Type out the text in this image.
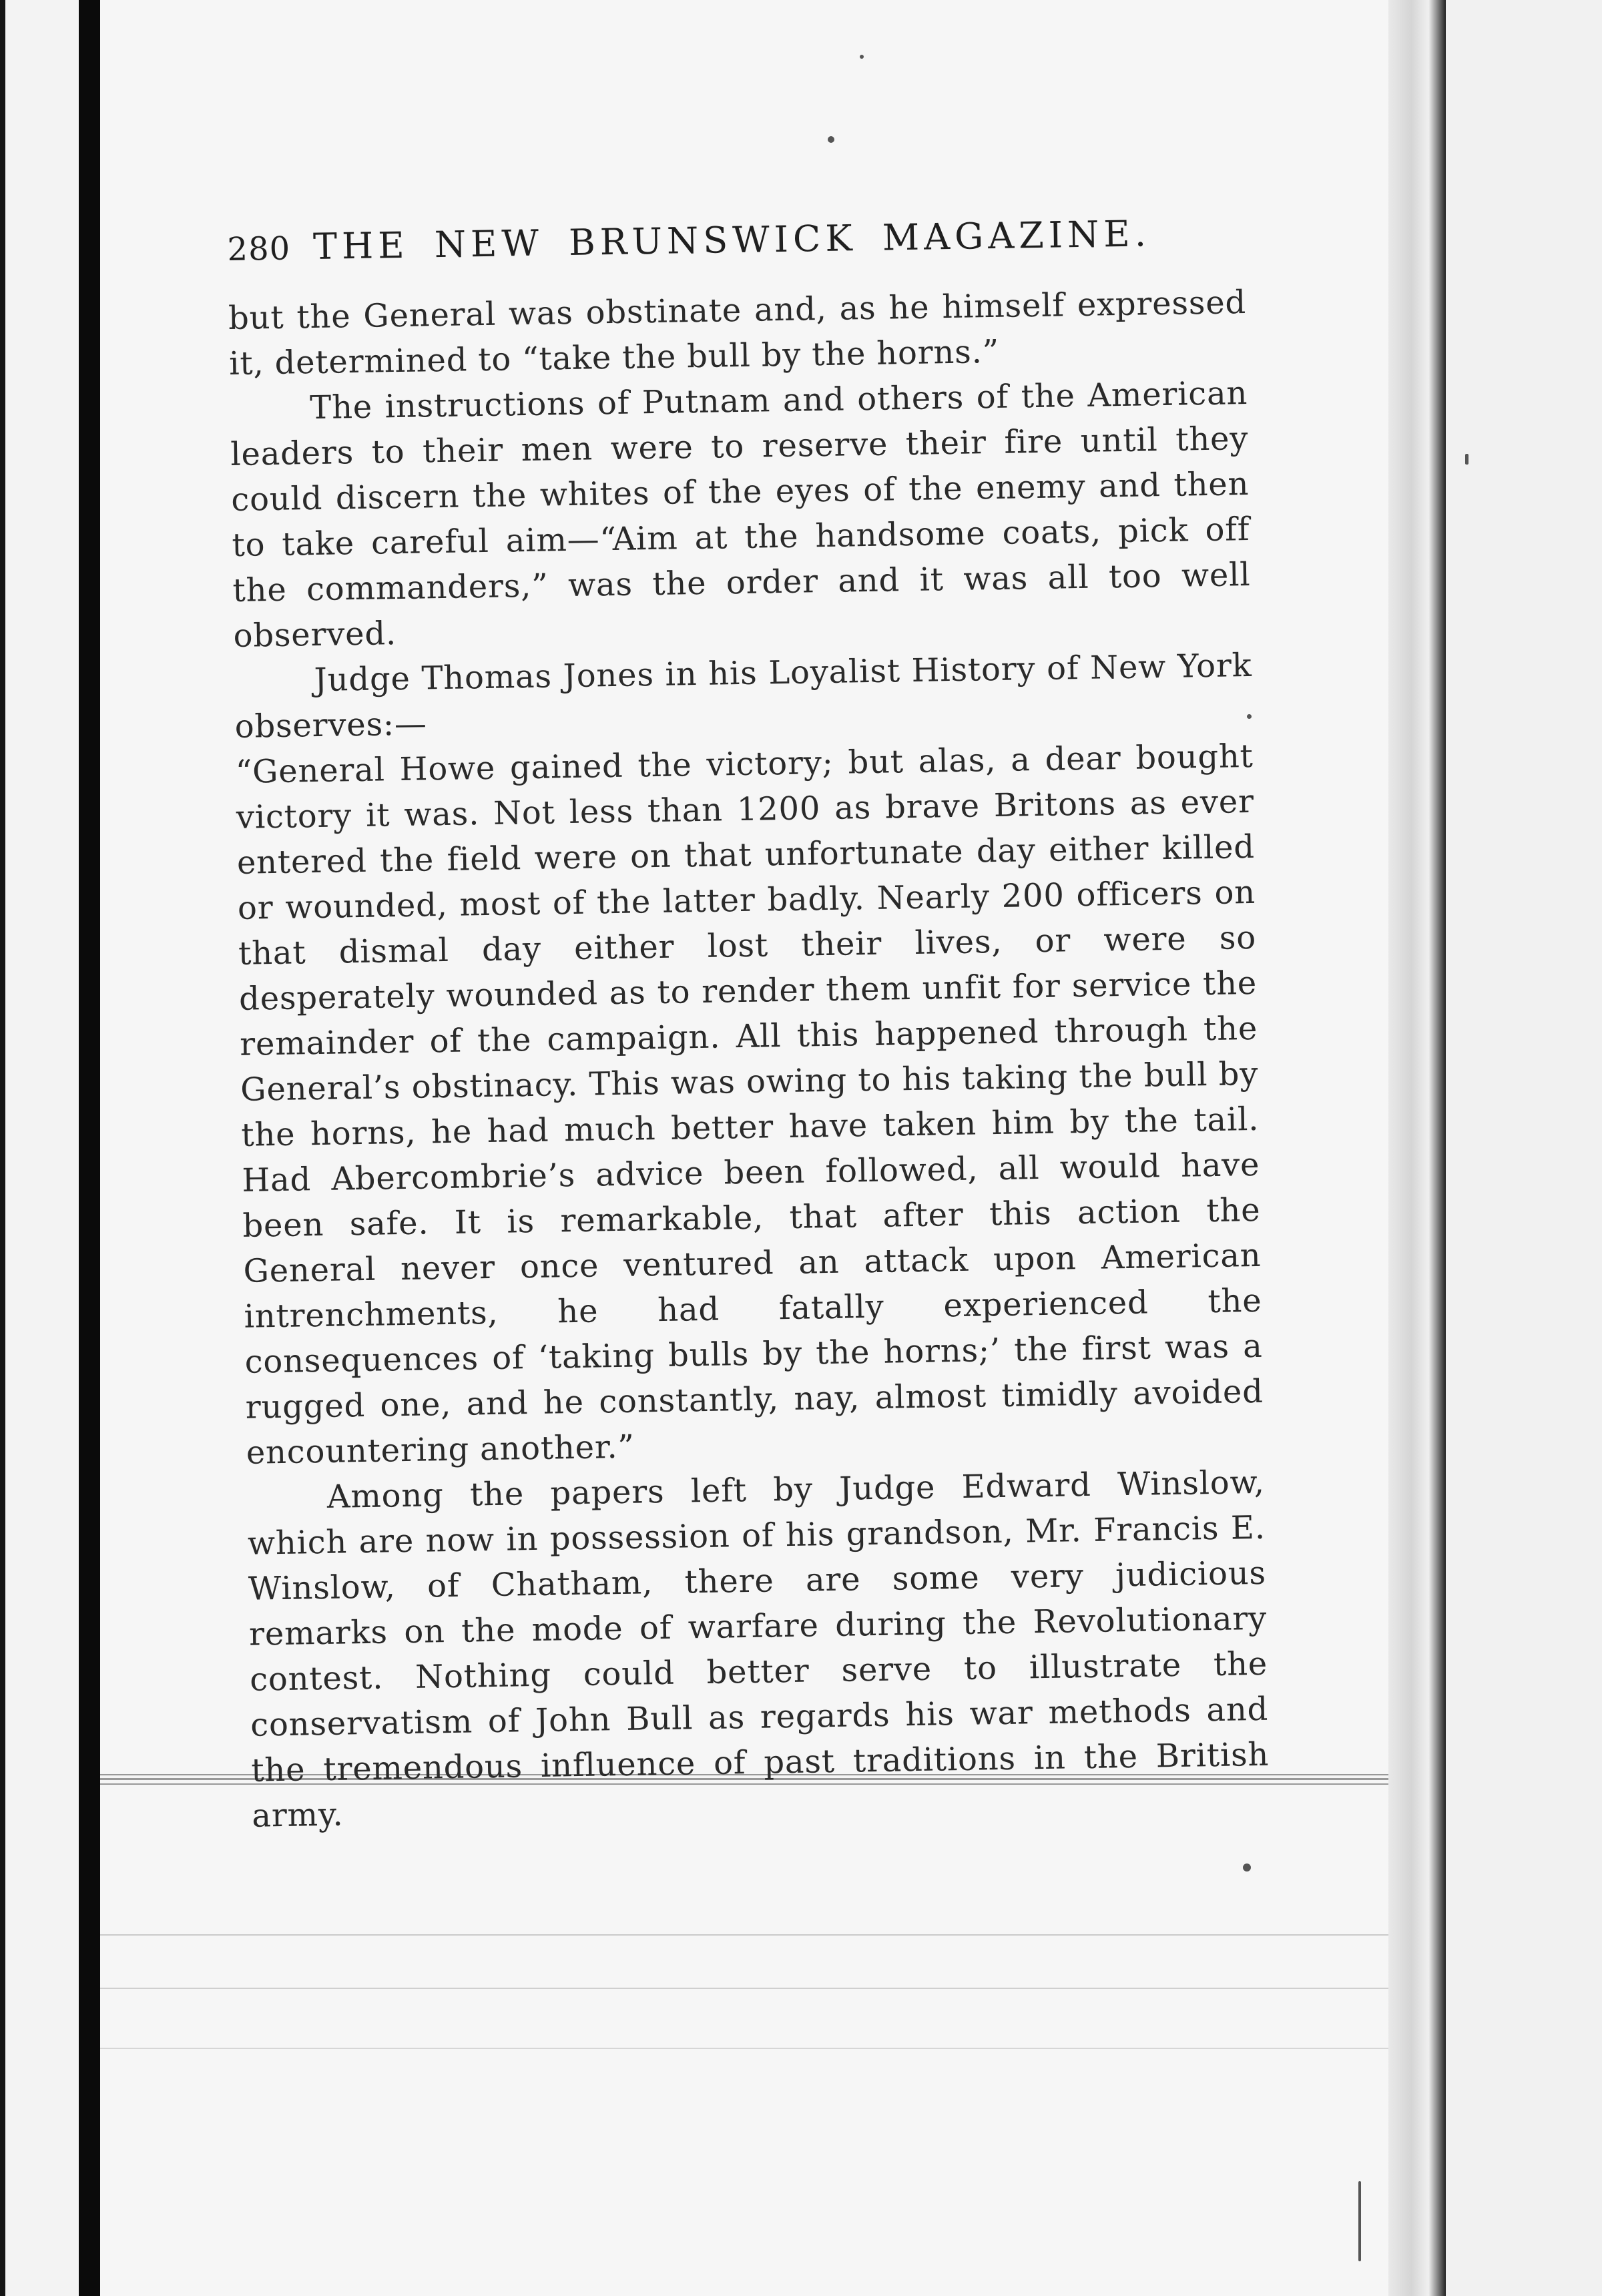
280 THE NEW BRUNSWICK MAGAZINE.

but the General was obstinate and, as he himself expressed it, determined to “take the bull by the horns.”

The instructions of Putnam and others of the American leaders to their men were to reserve their fire until they could discern the whites of the eyes of the enemy and then to take careful aim—“Aim at the handsome coats, pick off the commanders,” was the order and it was all too well observed.

Judge Thomas Jones in his Loyalist History of New York observes:—

“General Howe gained the victory; but alas, a dear bought victory it was. Not less than 1200 as brave Britons as ever entered the field were on that unfortunate day either killed or wounded, most of the latter badly. Nearly 200 officers on that dismal day either lost their lives, or were so desperately wounded as to render them unfit for service the remainder of the campaign. All this happened through the General’s obstinacy. This was owing to his taking the bull by the horns, he had much better have taken him by the tail. Had Abercombrie’s advice been followed, all would have been safe. It is remarkable, that after this action the General never once ventured an attack upon American intrenchments, he had fatally experienced the consequences of ‘taking bulls by the horns;’ the first was a rugged one, and he constantly, nay, almost timidly avoided encountering another.”

Among the papers left by Judge Edward Winslow, which are now in possession of his grandson, Mr. Francis E. Winslow, of Chatham, there are some very judicious remarks on the mode of warfare during the Revolutionary contest. Nothing could better serve to illustrate the conservatism of John Bull as regards his war methods and the tremendous influence of past traditions in the British army.
